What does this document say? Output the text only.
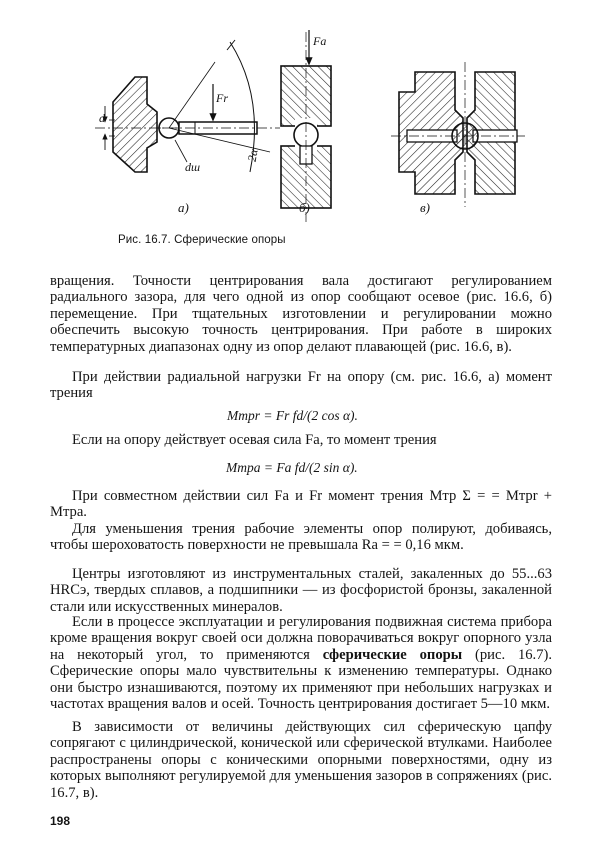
d
Fr
Fa
dш
2α
а)	б)	в)
Рис. 16.7. Сферические опоры
вращения. Точности центрирования вала достигают регулированием радиального зазора, для чего одной из опор сообщают осевое (рис. 16.6, б) перемещение. При тщательных изготовлении и регулировании можно обеспечить высокую точность центрирования. При работе в широких температурных диапазонах одну из опор делают плавающей (рис. 16.6, в).
При действии радиальной нагрузки Fr на опору (см. рис. 16.6, а) момент трения
Mтрr = Fr fd/(2 cos α).
Если на опору действует осевая сила Fa, то момент трения
Mтрa = Fa fd/(2 sin α).
При совместном действии сил Fa и Fr момент трения Mтр Σ = = Mтрr + Mтрa.
Для уменьшения трения рабочие элементы опор полируют, добиваясь, чтобы шероховатость поверхности не превышала Ra = = 0,16 мкм.
Центры изготовляют из инструментальных сталей, закаленных до 55...63 HRCэ, твердых сплавов, а подшипники — из фосфористой бронзы, закаленной стали или искусственных минералов.
Если в процессе эксплуатации и регулирования подвижная система прибора кроме вращения вокруг своей оси должна поворачиваться вокруг опорного узла на некоторый угол, то применяются сферические опоры (рис. 16.7). Сферические опоры мало чувствительны к изменению температуры. Однако они быстро изнашиваются, поэтому их применяют при небольших нагрузках и частотах вращения валов и осей. Точность центрирования достигает 5—10 мкм.
В зависимости от величины действующих сил сферическую цапфу сопрягают с цилиндрической, конической или сферической втулками. Наиболее распространены опоры с коническими опорными поверхностями, одну из которых выполняют регулируемой для уменьшения зазоров в сопряжениях (рис. 16.7, в).
198
